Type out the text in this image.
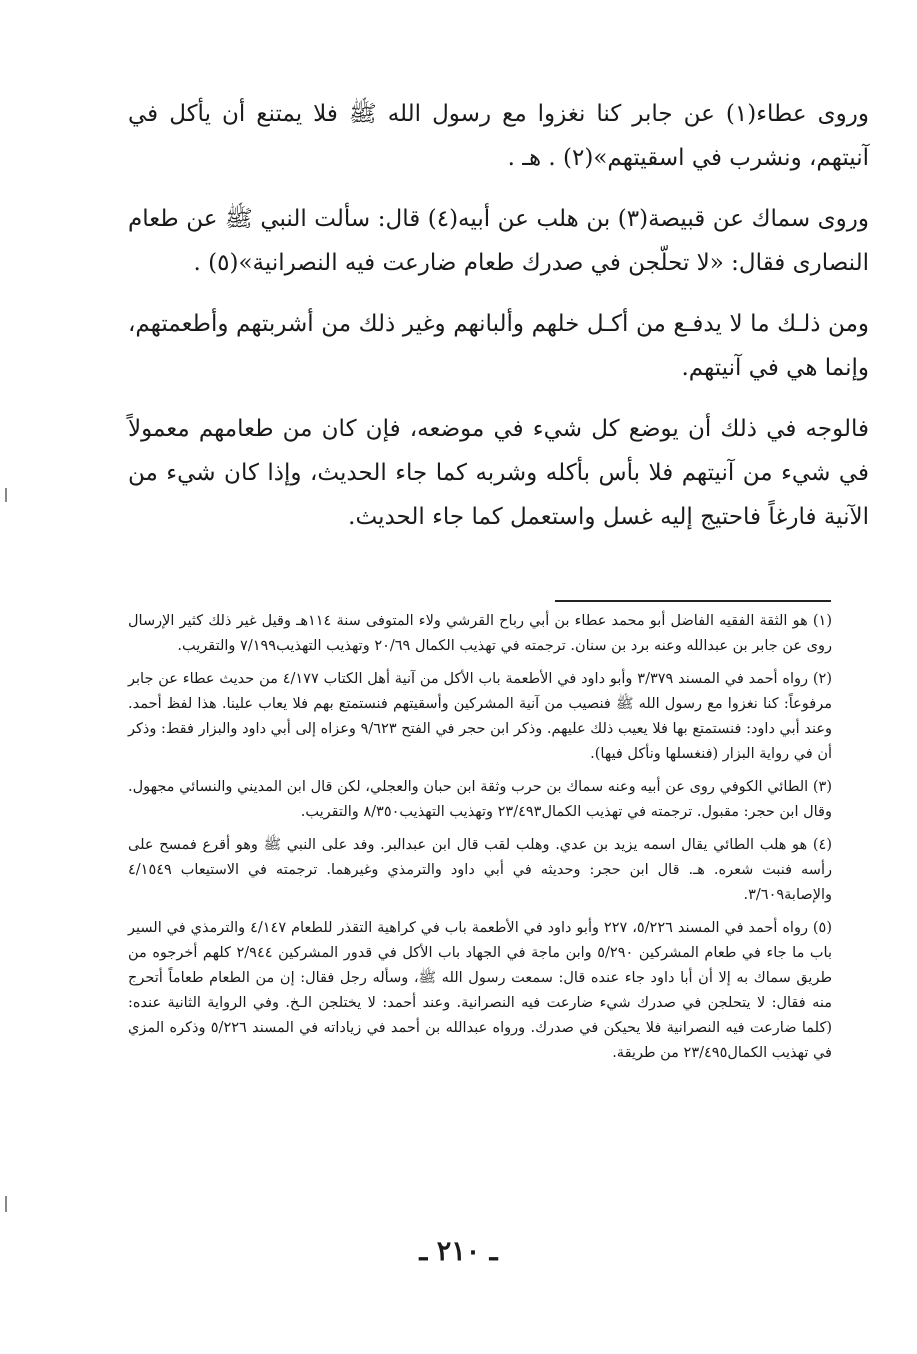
وروى عطاء(١) عن جابر كنا نغزوا مع رسول الله ﷺ فلا يمتنع أن يأكل في آنيتهم، ونشرب في اسقيتهم»(٢) . هـ .

وروى سماك عن قبيصة(٣) بن هلب عن أبيه(٤) قال: سألت النبي ﷺ عن طعام النصارى فقال: «لا تحلّجن في صدرك طعام ضارعت فيه النصرانية»(٥) .

ومن ذلـك ما لا يدفـع من أكـل خلهم وألبانهم وغير ذلك من أشربتهم وأطعمتهم، وإنما هي في آنيتهم.

فالوجه في ذلك أن يوضع كل شيء في موضعه، فإن كان من طعامهم معمولاً في شيء من آنيتهم فلا بأس بأكله وشربه كما جاء الحديث، وإذا كان شيء من الآنية فارغاً فاحتيج إليه غسل واستعمل كما جاء الحديث.

(١) هو الثقة الفقيه الفاضل أبو محمد عطاء بن أبي رباح القرشي ولاء المتوفى سنة ١١٤هـ وقيل غير ذلك كثير الإرسال روى عن جابر بن عبدالله وعنه برد بن سنان. ترجمته في تهذيب الكمال ٢٠/٦٩ وتهذيب التهذيب٧/١٩٩ والتقريب.

(٢) رواه أحمد في المسند ٣/٣٧٩ وأبو داود في الأطعمة باب الأكل من آنية أهل الكتاب ٤/١٧٧ من حديث عطاء عن جابر مرفوعاً: كنا نغزوا مع رسول الله ﷺ فنصيب من آنية المشركين وأسقيتهم فنستمتع بهم فلا يعاب علينا. هذا لفظ أحمد. وعند أبي داود: فنستمتع بها فلا يعيب ذلك عليهم. وذكر ابن حجر في الفتح ٩/٦٢٣ وعزاه إلى أبي داود والبزار فقط: وذكر أن في رواية البزار (فنغسلها ونأكل فيها).

(٣) الطائي الكوفي روى عن أبيه وعنه سماك بن حرب وثقة ابن حبان والعجلي، لكن قال ابن المديني والنسائي مجهول. وقال ابن حجر: مقبول. ترجمته في تهذيب الكمال٢٣/٤٩٣ وتهذيب التهذيب٨/٣٥٠ والتقريب.

(٤) هو هلب الطائي يقال اسمه يزيد بن عدي. وهلب لقب قال ابن عبدالبر. وفد على النبي ﷺ وهو أقرع فمسح على رأسه فنبت شعره. هـ. قال ابن حجر: وحديثه في أبي داود والترمذي وغيرهما. ترجمته في الاستيعاب ٤/١٥٤٩ والإصابة٣/٦٠٩.

(٥) رواه أحمد في المسند ٥/٢٢٦، ٢٢٧ وأبو داود في الأطعمة باب في كراهية التقذر للطعام ٤/١٤٧ والترمذي في السير باب ما جاء في طعام المشركين ٥/٢٩٠ وابن ماجة في الجهاد باب الأكل في قدور المشركين ٢/٩٤٤ كلهم أخرجوه من طريق سماك به إلا أن أبا داود جاء عنده قال: سمعت رسول الله ﷺ، وسأله رجل فقال: إن من الطعام طعاماً أتحرج منه فقال: لا يتحلجن في صدرك شيء ضارعت فيه النصرانية. وعند أحمد: لا يختلجن الـخ. وفي الرواية الثانية عنده: (كلما ضارعت فيه النصرانية فلا يحيكن في صدرك. ورواه عبدالله بن أحمد في زياداته في المسند ٥/٢٢٦ وذكره المزي في تهذيب الكمال٢٣/٤٩٥ من طريقة.

ـ ٢١٠ ـ
